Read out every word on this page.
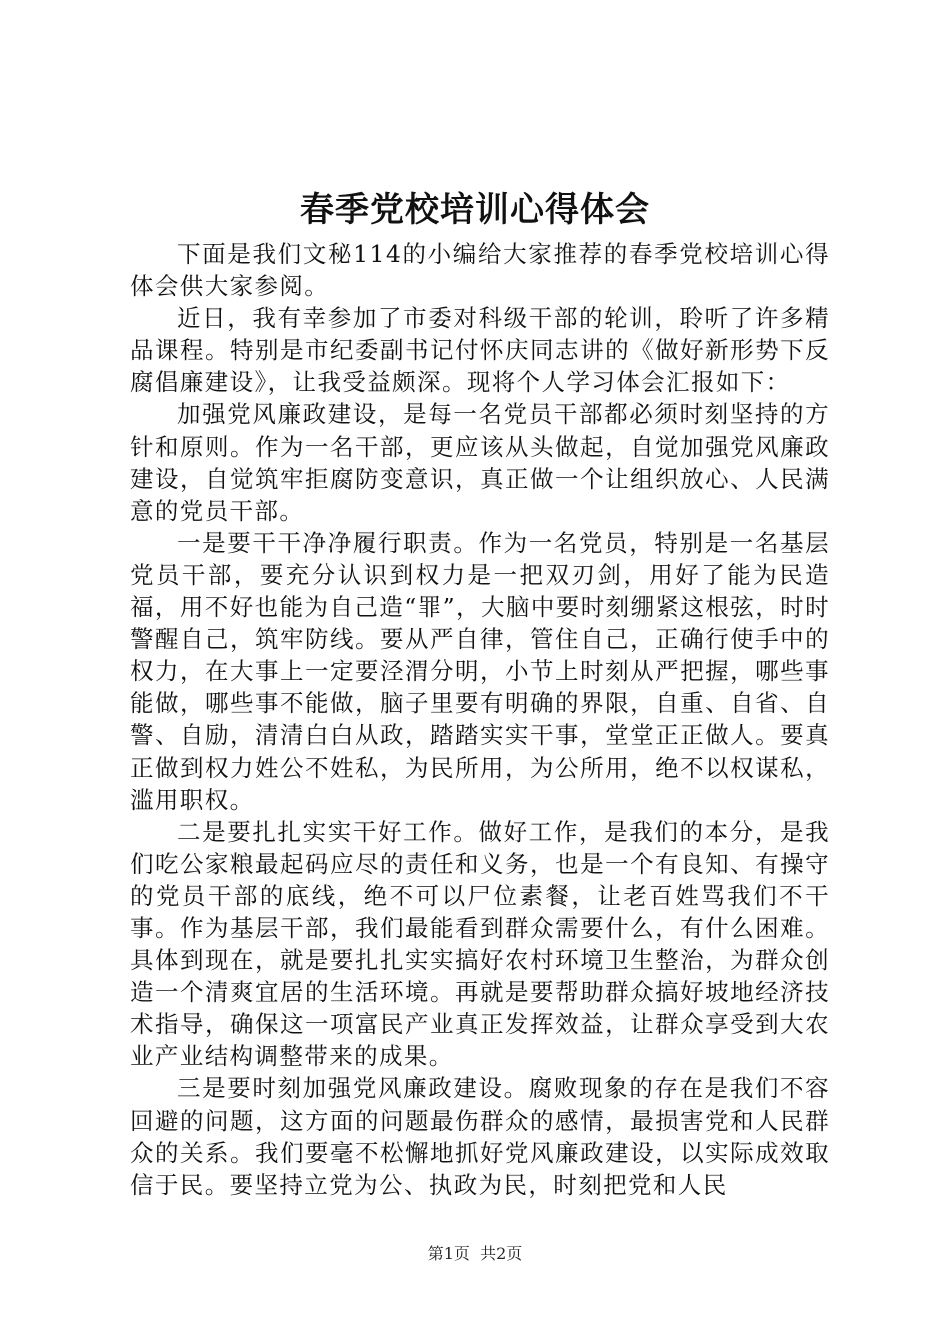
春季党校培训心得体会

下面是我们文秘114的小编给大家推荐的春季党校培训心得体会供大家参阅。

近日，我有幸参加了市委对科级干部的轮训，聆听了许多精品课程。特别是市纪委副书记付怀庆同志讲的《做好新形势下反腐倡廉建设》，让我受益颇深。现将个人学习体会汇报如下：

加强党风廉政建设，是每一名党员干部都必须时刻坚持的方针和原则。作为一名干部，更应该从头做起，自觉加强党风廉政建设，自觉筑牢拒腐防变意识，真正做一个让组织放心、人民满意的党员干部。

一是要干干净净履行职责。作为一名党员，特别是一名基层党员干部，要充分认识到权力是一把双刃剑，用好了能为民造福，用不好也能为自己造“罪”，大脑中要时刻绷紧这根弦，时时警醒自己，筑牢防线。要从严自律，管住自己，正确行使手中的权力，在大事上一定要泾渭分明，小节上时刻从严把握，哪些事能做，哪些事不能做，脑子里要有明确的界限，自重、自省、自警、自励，清清白白从政，踏踏实实干事，堂堂正正做人。要真正做到权力姓公不姓私，为民所用，为公所用，绝不以权谋私，滥用职权。

二是要扎扎实实干好工作。做好工作，是我们的本分，是我们吃公家粮最起码应尽的责任和义务，也是一个有良知、有操守的党员干部的底线，绝不可以尸位素餐，让老百姓骂我们不干事。作为基层干部，我们最能看到群众需要什么，有什么困难。具体到现在，就是要扎扎实实搞好农村环境卫生整治，为群众创造一个清爽宜居的生活环境。再就是要帮助群众搞好坡地经济技术指导，确保这一项富民产业真正发挥效益，让群众享受到大农业产业结构调整带来的成果。

三是要时刻加强党风廉政建设。腐败现象的存在是我们不容回避的问题，这方面的问题最伤群众的感情，最损害党和人民群众的关系。我们要毫不松懈地抓好党风廉政建设，以实际成效取信于民。要坚持立党为公、执政为民，时刻把党和人民

第1页 共2页
